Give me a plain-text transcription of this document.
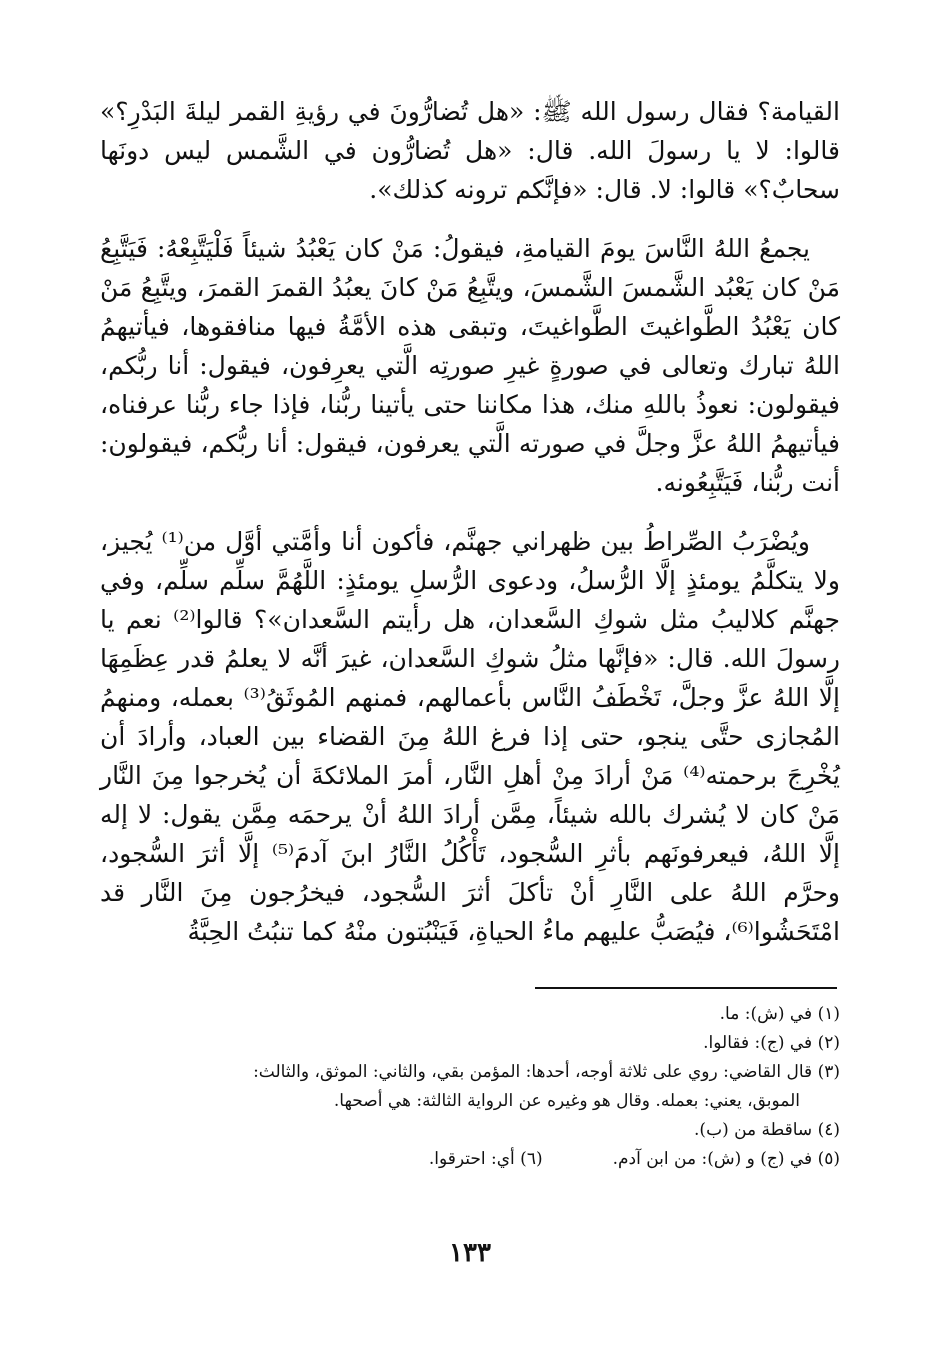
القيامة؟ فقال رسول الله ﷺ: «هل تُضارُّونَ في رؤيةِ القمر ليلةَ البَدْرِ؟» قالوا: لا يا رسولَ الله. قال: «هل تُضارُّون في الشَّمس ليس دونَها سحابٌ؟» قالوا: لا. قال: «فإنَّكم ترونه كذلك».

يجمعُ اللهُ النَّاسَ يومَ القيامةِ، فيقولُ: مَنْ كان يَعْبُدُ شيئاً فَلْيَتَّبِعْهُ: فَيَتَّبِعُ مَنْ كان يَعْبُد الشَّمسَ الشَّمسَ، ويتَّبِعُ مَنْ كانَ يعبُدُ القمرَ القمرَ، ويتَّبِعُ مَنْ كان يَعْبُدُ الطَّواغيتَ الطَّواغيتَ، وتبقى هذه الأمَّةُ فيها منافقوها، فيأتيهمُ اللهُ تبارك وتعالى في صورةٍ غيرِ صورتِه الَّتي يعرِفون، فيقول: أنا ربُّكم، فيقولون: نعوذُ باللهِ منك، هذا مكاننا حتى يأتينا ربُّنا، فإذا جاء ربُّنا عرفناه، فيأتيهمُ اللهُ عزَّ وجلَّ في صورته الَّتي يعرفون، فيقول: أنا ربُّكم، فيقولون: أنت ربُّنا، فَيَتَّبِعُونه.

ويُضْرَبُ الصِّراطُ بين ظهراني جهنَّم، فأكون أنا وأمَّتي أوَّل من⁽¹⁾ يُجيز، ولا يتكلَّمُ يومئذٍ إلَّا الرُّسلُ، ودعوى الرُّسلِ يومئذٍ: اللَّهُمَّ سلِّم سلِّم، وفي جهنَّم كلاليبُ مثل شوكِ السَّعدان، هل رأيتم السَّعدان»؟ قالوا⁽²⁾ نعم يا رسولَ الله. قال: «فإنَّها مثلُ شوكِ السَّعدان، غيرَ أنَّه لا يعلمُ قدر عِظَمِهَا إلَّا اللهُ عزَّ وجلَّ، تَخْطَفُ النَّاس بأعمالهم، فمنهم المُوثَقُ⁽³⁾ بعمله، ومنهمُ المُجازى حتَّى ينجو، حتى إذا فرغ اللهُ مِنَ القضاء بين العباد، وأرادَ أن يُخْرِجَ برحمته⁽⁴⁾ مَنْ أرادَ مِنْ أهلِ النَّار، أمرَ الملائكةَ أن يُخرجوا مِنَ النَّار مَنْ كان لا يُشرك بالله شيئاً، مِمَّن أرادَ اللهُ أنْ يرحمَه مِمَّن يقول: لا إله إلَّا اللهُ، فيعرفونَهم بأثرِ السُّجود، تَأْكُلُ النَّارُ ابنَ آدمَ⁽⁵⁾ إلَّا أثرَ السُّجود، وحرَّم اللهُ على النَّارِ أنْ تأكلَ أثرَ السُّجود، فيخرُجون مِنَ النَّار قد امْتَحَشُوا⁽⁶⁾، فيُصَبُّ عليهم ماءُ الحياةِ، فَيَنْبُتون منْهُ كما تنبُتُ الحِبَّةُ

(١) في (ش): ما.

(٢) في (ج): فقالوا.

(٣) قال القاضي: روي على ثلاثة أوجه، أحدها: المؤمن بقي، والثاني: الموثق، والثالث:

الموبق، يعني: بعمله. وقال هو وغيره عن الرواية الثالثة: هي أصحها.

(٤) ساقطة من (ب).

(٥) في (ج) و (ش): من ابن آدم.
(٦) أي: احترقوا.
١٣٣
